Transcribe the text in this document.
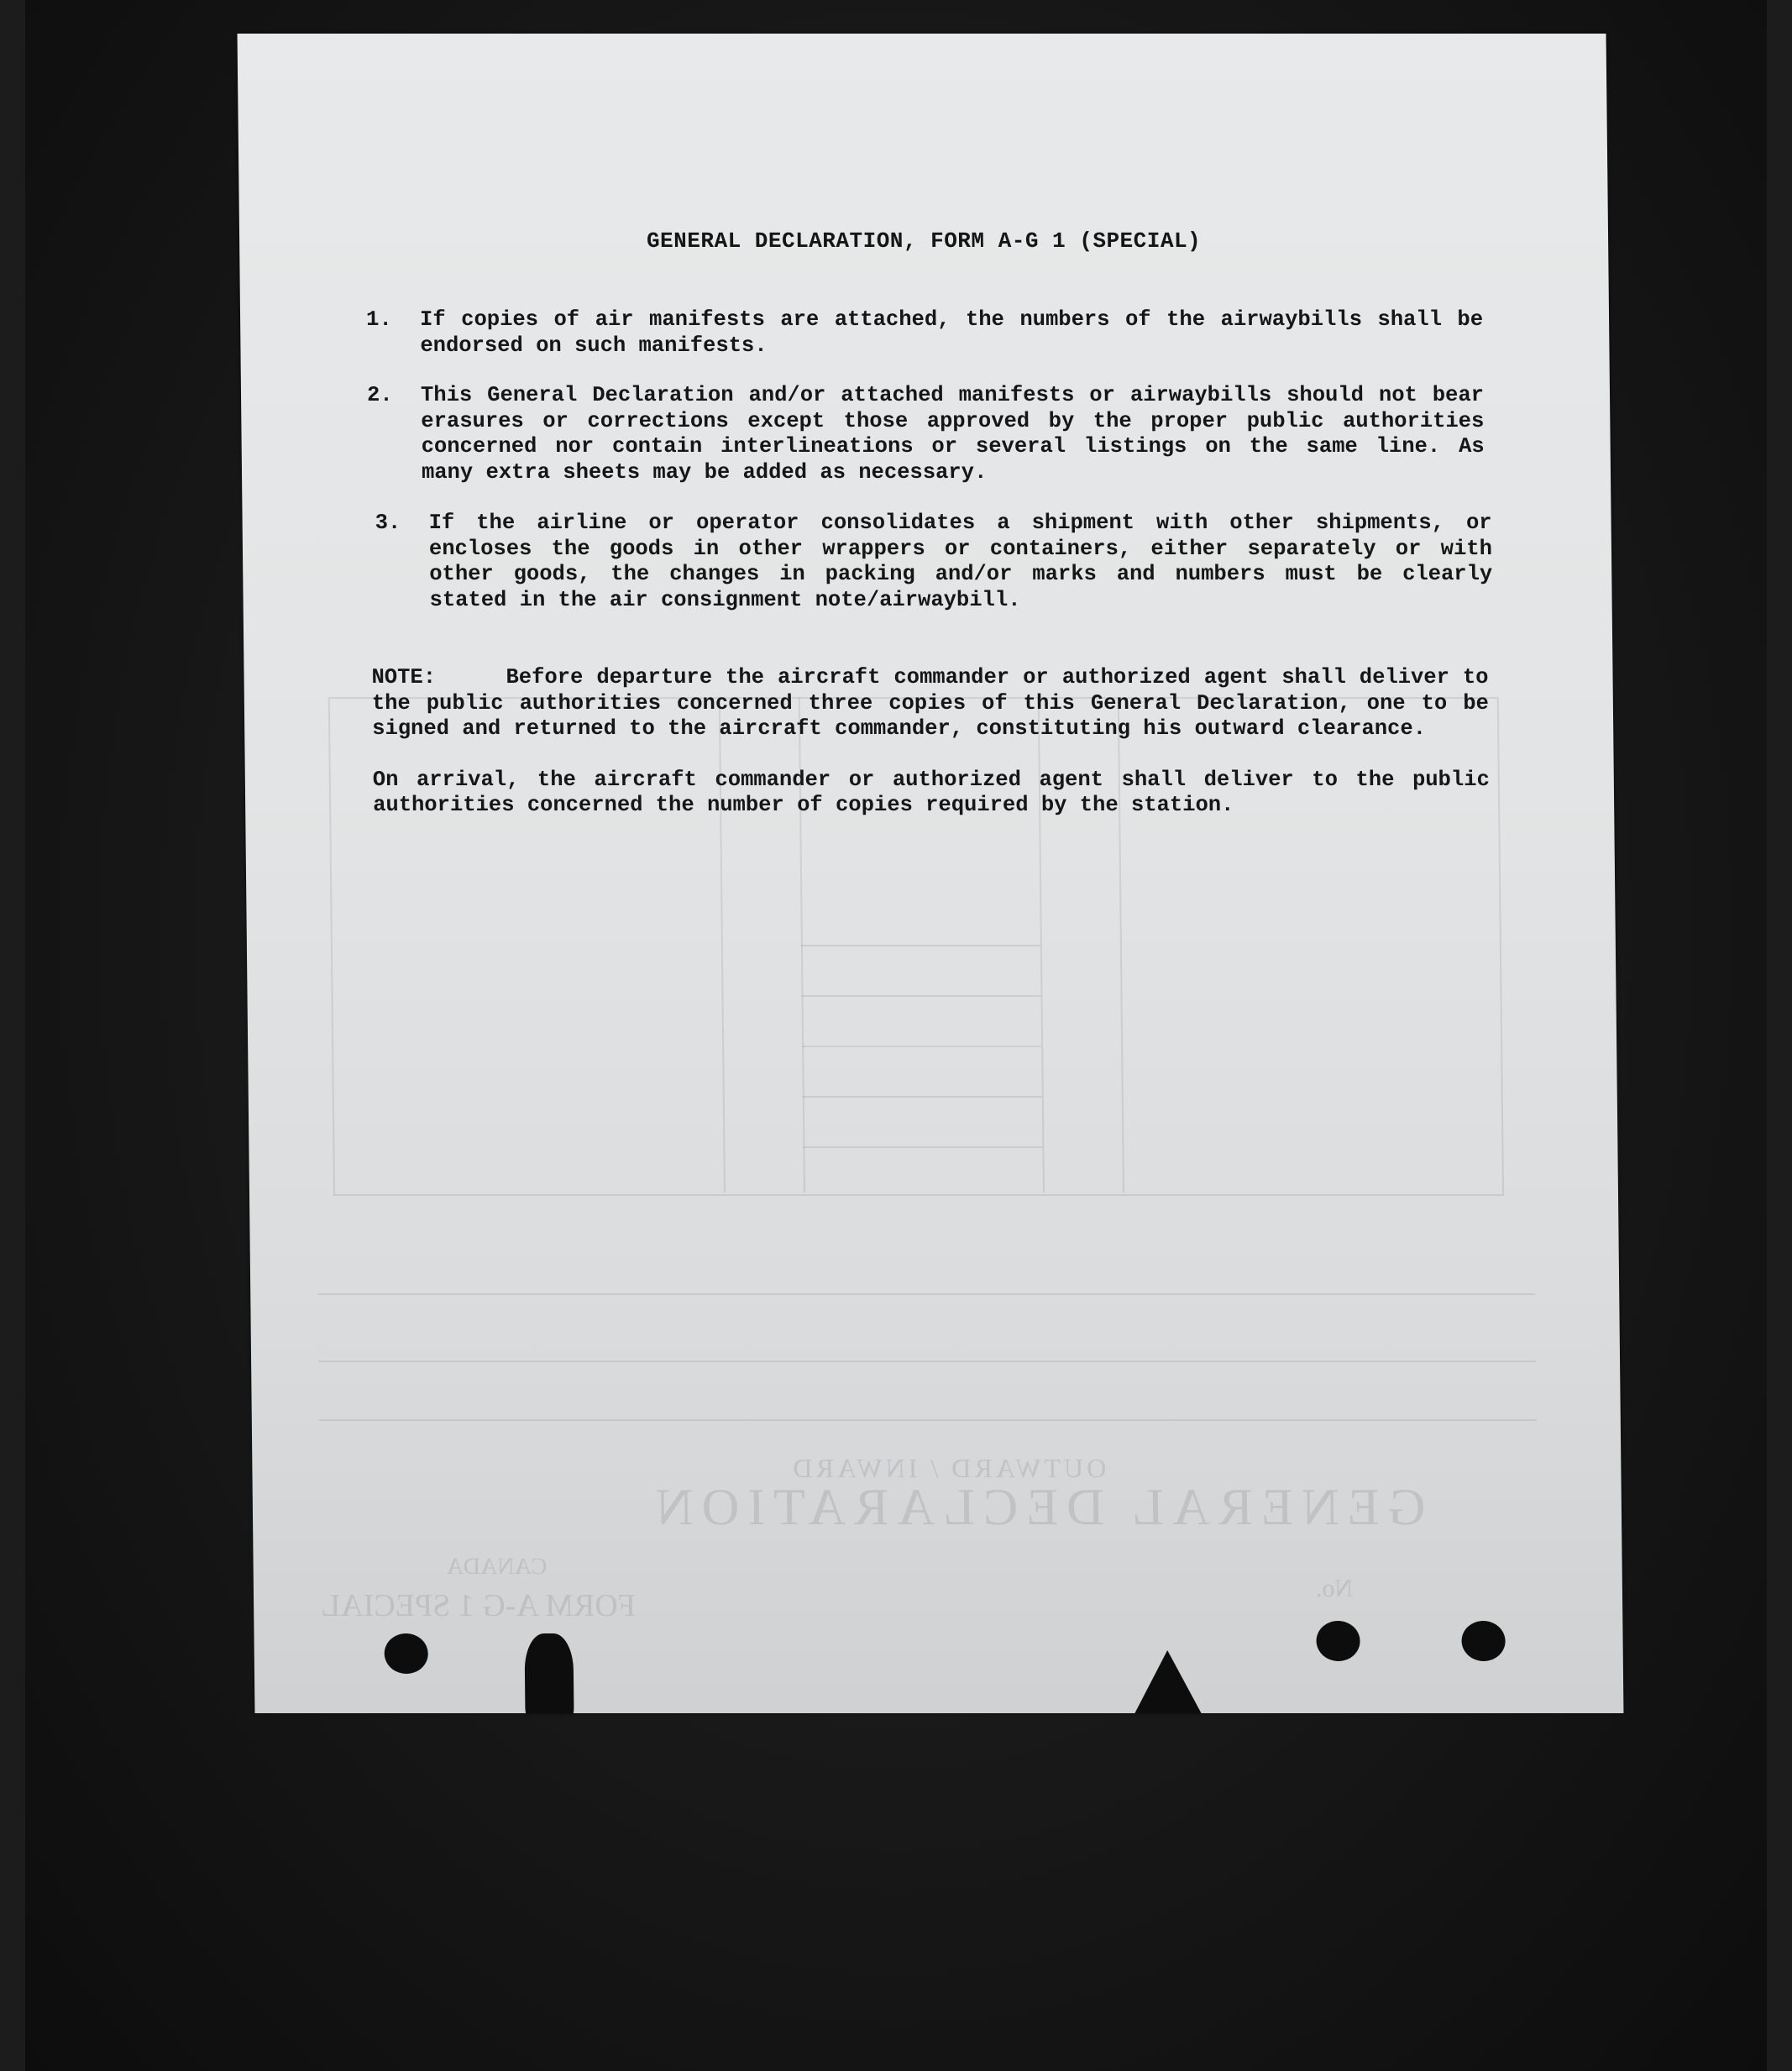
GENERAL DECLARATION
OUTWARD / INWARD
FORM A-G 1 SPECIAL
CANADA
No.
GENERAL DECLARATION, FORM A-G 1 (SPECIAL)
1. If copies of air manifests are attached, the numbers of the airwaybills shall be endorsed on such manifests.
2. This General Declaration and/or attached manifests or airwaybills should not bear erasures or corrections except those approved by the proper public authorities concerned nor contain interlineations or several listings on the same line. As many extra sheets may be added as necessary.
3. If the airline or operator consolidates a shipment with other shipments, or encloses the goods in other wrappers or containers, either separately or with other goods, the changes in packing and/or marks and numbers must be clearly stated in the air consignment note/airwaybill.

NOTE:	Before departure the aircraft commander or authorized agent shall deliver to the public authorities concerned three copies of this General Declaration, one to be signed and returned to the aircraft commander, constituting his outward clearance.

On arrival, the aircraft commander or authorized agent shall deliver to the public authorities concerned the number of copies required by the station.
